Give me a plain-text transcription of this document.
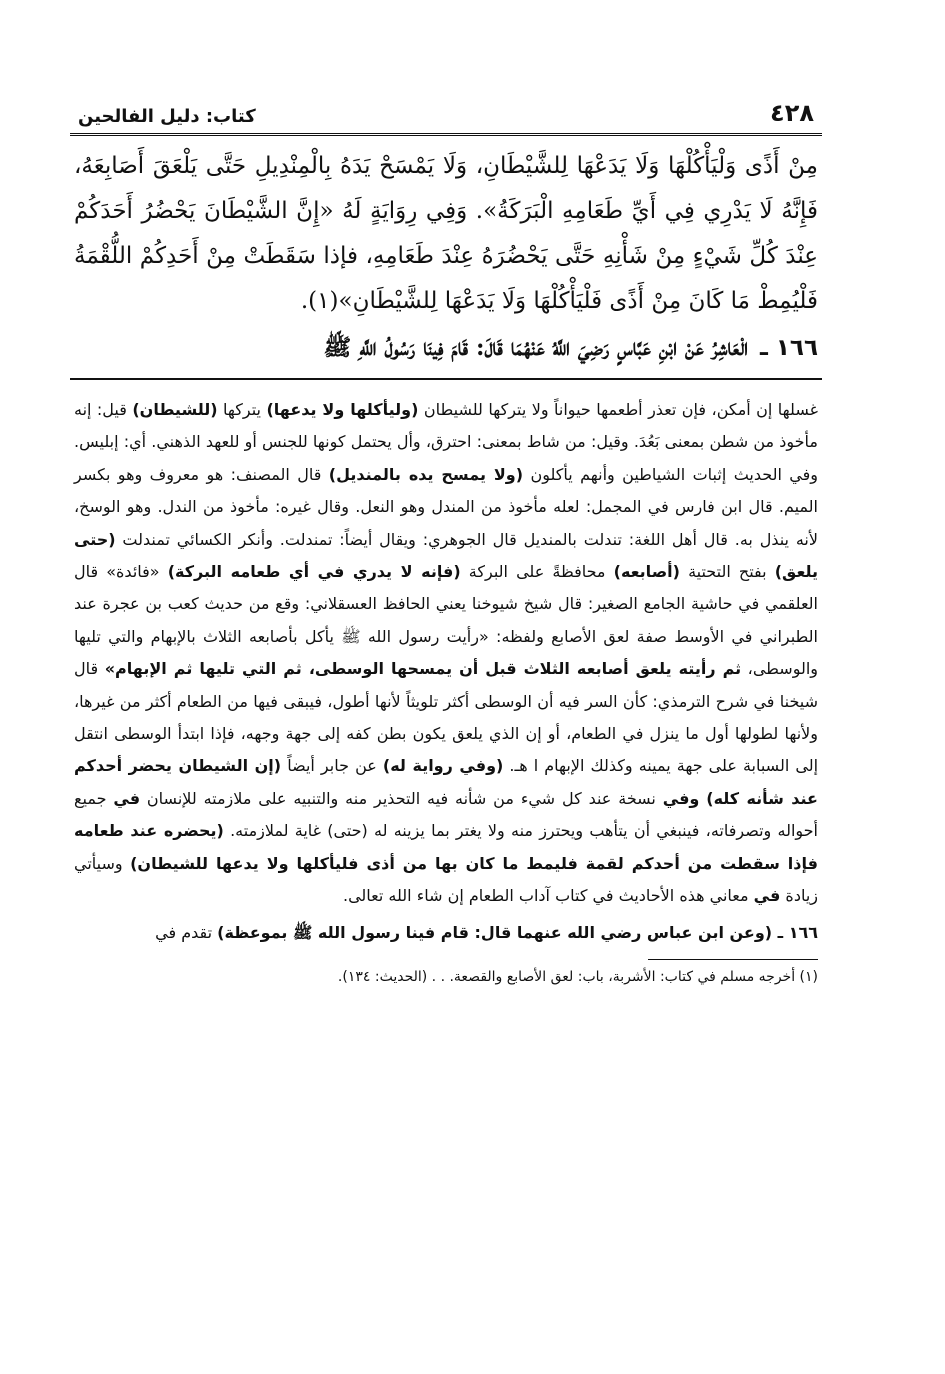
٤٢٨
كتاب: دليل الفالحين

مِنْ أَذًى وَلْيَأْكُلْهَا وَلَا يَدَعْهَا لِلشَّيْطَانِ، وَلَا يَمْسَحْ يَدَهُ بِالْمِنْدِيلِ حَتَّى يَلْعَقَ أَصَابِعَهُ، فَإِنَّهُ لَا يَدْرِي فِي أَيِّ طَعَامِهِ الْبَرَكَةُ». وَفِي رِوَايَةٍ لَهُ «إِنَّ الشَّيْطَانَ يَحْضُرُ أَحَدَكُمْ عِنْدَ كُلِّ شَيْءٍ مِنْ شَأْنِهِ حَتَّى يَحْضُرَهُ عِنْدَ طَعَامِهِ، فإذا سَقَطَتْ مِنْ أَحَدِكُمْ اللُّقْمَةُ فَلْيُمِطْ مَا كَانَ مِنْ أَذًى فَلْيَأْكُلْهَا وَلَا يَدَعْهَا لِلشَّيْطَانِ»(١).

١٦٦ ـ
الْعَاشِرُ عَنْ ابْنِ عَبَّاسٍ رَضِيَ اللَّهُ عَنْهُمَا قَالَ: قَامَ فِينَا رَسُولُ اللَّهِ ﷺ

غسلها إن أمكن، فإن تعذر أطعمها حيواناً ولا يتركها للشيطان (وليأكلها ولا يدعها) يتركها (للشيطان) قيل: إنه مأخوذ من شطن بمعنى بَعُدَ. وقيل: من شاط بمعنى: احترق، وأل يحتمل كونها للجنس أو للعهد الذهني. أي: إبليس. وفي الحديث إثبات الشياطين وأنهم يأكلون (ولا يمسح يده بالمنديل) قال المصنف: هو معروف وهو بكسر الميم. قال ابن فارس في المجمل: لعله مأخوذ من المندل وهو النعل. وقال غيره: مأخوذ من الندل. وهو الوسخ، لأنه ينذل به. قال أهل اللغة: تندلت بالمنديل قال الجوهري: ويقال أيضاً: تمندلت. وأنكر الكسائي تمندلت (حتى يلعق) بفتح التحتية (أصابعه) محافظةً على البركة (فإنه لا يدري في أي طعامه البركة) «فائدة» قال العلقمي في حاشية الجامع الصغير: قال شيخ شيوخنا يعني الحافظ العسقلاني: وقع من حديث كعب بن عجرة عند الطبراني في الأوسط صفة لعق الأصابع ولفظه: «رأيت رسول الله ﷺ يأكل بأصابعه الثلاث بالإبهام والتي تليها والوسطى، ثم رأيته يلعق أصابعه الثلاث قبل أن يمسحها الوسطى، ثم التي تليها ثم الإبهام» قال شيخنا في شرح الترمذي: كأن السر فيه أن الوسطى أكثر تلويثاً لأنها أطول، فيبقى فيها من الطعام أكثر من غيرها، ولأنها لطولها أول ما ينزل في الطعام، أو إن الذي يلعق يكون بطن كفه إلى جهة وجهه، فإذا ابتدأ الوسطى انتقل إلى السبابة على جهة يمينه وكذلك الإبهام ا هـ. (وفي رواية له) عن جابر أيضاً (إن الشيطان يحضر أحدكم عند شأنه كله) وفي نسخة عند كل شيء من شأنه فيه التحذير منه والتنبيه على ملازمته للإنسان في جميع أحواله وتصرفاته، فينبغي أن يتأهب ويحترز منه ولا يغتر بما يزينه له (حتى) غاية لملازمته. (يحضره عند طعامه فإذا سقطت من أحدكم لقمة فليمط ما كان بها من أذى فليأكلها ولا يدعها للشيطان) وسيأتي زيادة في معاني هذه الأحاديث في كتاب آداب الطعام إن شاء الله تعالى.

١٦٦ ـ (وعن ابن عباس رضي الله عنهما قال: قام فينا رسول الله ﷺ بموعظة) تقدم في
(١) أخرجه مسلم في كتاب: الأشربة، باب: لعق الأصابع والقصعة. . . (الحديث: ١٣٤).
